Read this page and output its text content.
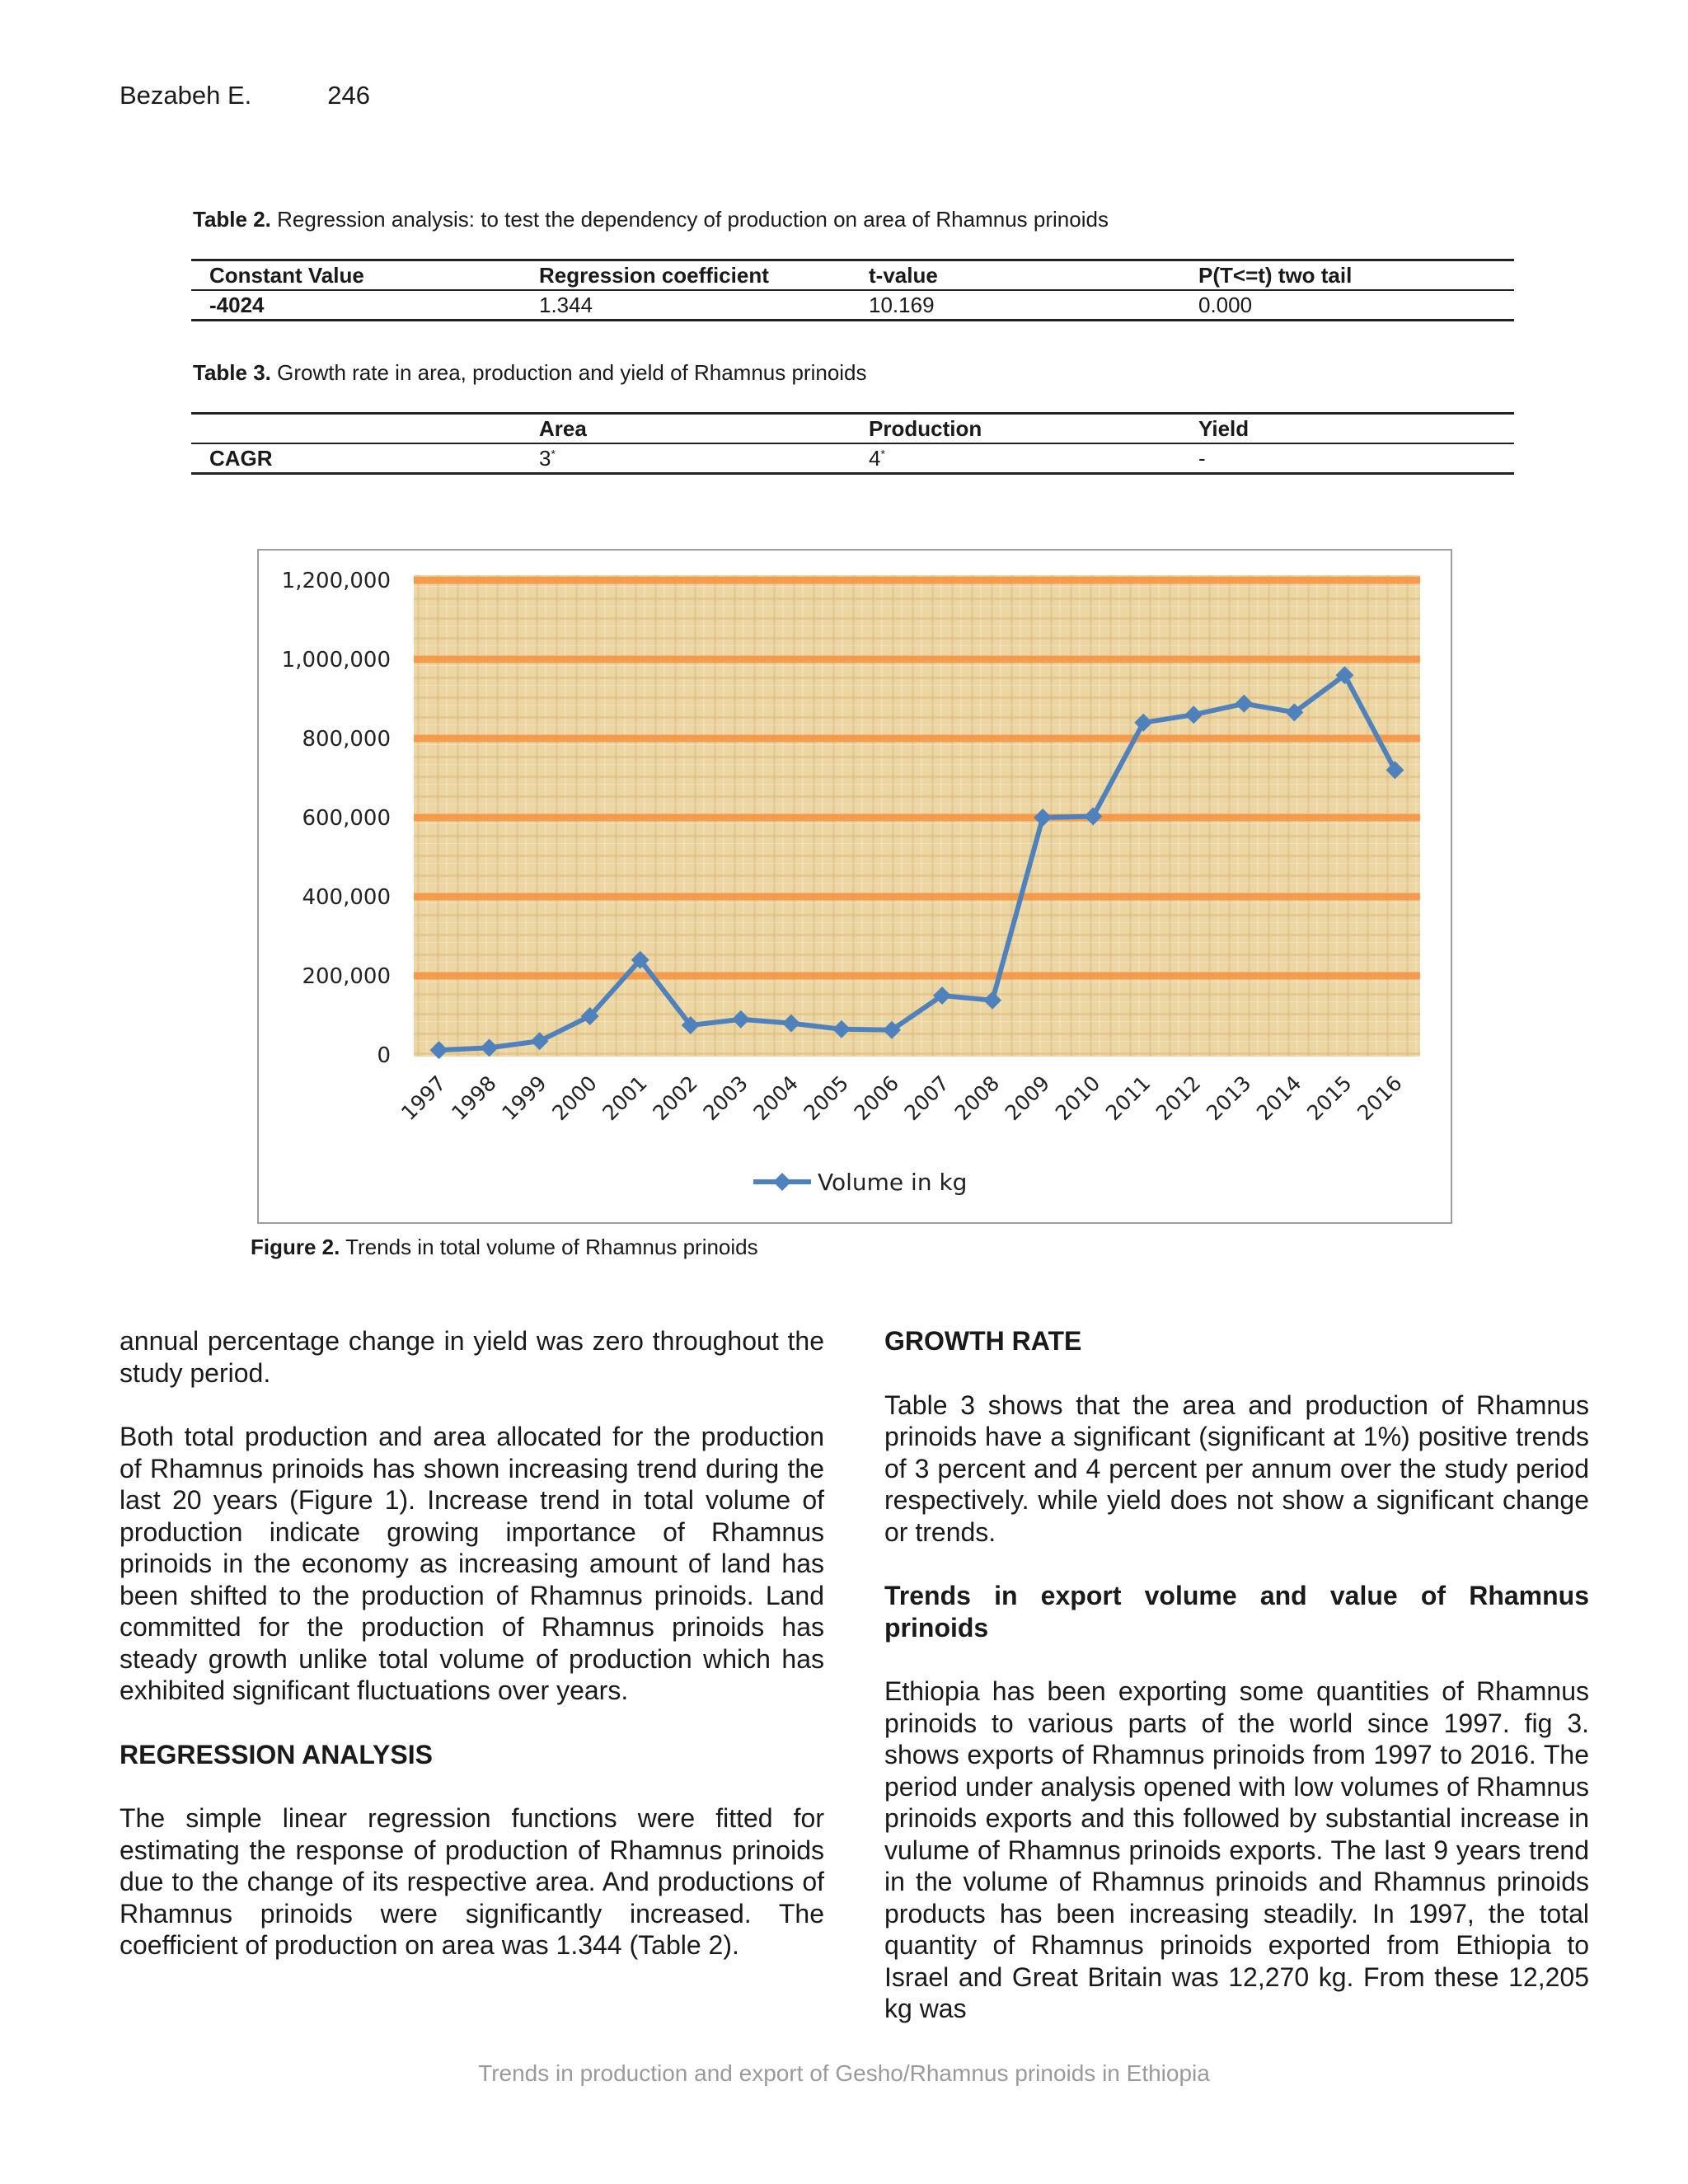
Bezabeh E.	246
Table 2. Regression analysis: to test the dependency of production on area of Rhamnus prinoids
Constant Value	Regression coefficient	t-value	P(T<=t) two tail
-4024	1.344	10.169	0.000
Table 3. Growth rate in area, production and yield of Rhamnus prinoids
	Area	Production	Yield
CAGR	3*	4*	-
0
200,000
400,000
600,000
800,000
1,000,000
1,200,000
1997
1998
1999
2000
2001
2002
2003
2004
2005
2006
2007
2008
2009
2010
2011
2012
2013
2014
2015
2016
Volume in kg
Figure 2. Trends in total volume of Rhamnus prinoids

annual percentage change in yield was zero throughout the study period.

Both total production and area allocated for the production of Rhamnus prinoids has shown increasing trend during the last 20 years (Figure 1). Increase trend in total volume of production indicate growing importance of Rhamnus prinoids in the economy as increasing amount of land has been shifted to the production of Rhamnus prinoids. Land committed for the production of Rhamnus prinoids has steady growth unlike total volume of production which has exhibited significant fluctuations over years.

REGRESSION ANALYSIS

The simple linear regression functions were fitted for estimating the response of production of Rhamnus prinoids due to the change of its respective area. And productions of Rhamnus prinoids were significantly increased. The coefficient of production on area was 1.344 (Table 2).

GROWTH RATE

Table 3 shows that the area and production of Rhamnus prinoids have a significant (significant at 1%) positive trends of 3 percent and 4 percent per annum over the study period respectively. while yield does not show a significant change or trends.

Trends in export volume and value of Rhamnus prinoids

Ethiopia has been exporting some quantities of Rhamnus prinoids to various parts of the world since 1997. fig 3. shows exports of Rhamnus prinoids from 1997 to 2016. The period under analysis opened with low volumes of Rhamnus prinoids exports and this followed by substantial increase in vulume of Rhamnus prinoids exports. The last 9 years trend in the volume of Rhamnus prinoids and Rhamnus prinoids products has been increasing steadily. In 1997, the total quantity of Rhamnus prinoids exported from Ethiopia to Israel and Great Britain was 12,270 kg. From these 12,205 kg was

Trends in production and export of Gesho/Rhamnus prinoids in Ethiopia
